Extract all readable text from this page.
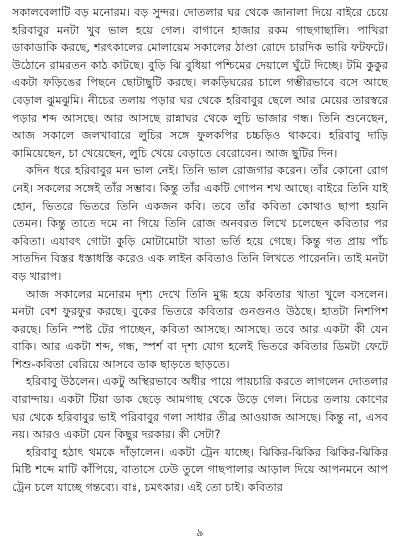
সকালবেলাটি বড় মনোরম। বড় সুন্দর। দোতলার ঘর থেকে জানালা দিয়ে বাইরে চেয়ে হরিবাবুর মনটা খুব ভাল হয়ে গেল। বাগানে হাজার রকম গাছগাছালি। পাখিরা ডাকাডাকি করছে, শরৎকালের মোলায়েম সকালের ঠাণ্ডা রোদে চারদিক ভারি ফটফটে। উঠোনে রামরতন কাঠ কাটছে। বুড়ি ঝি বুধিয়া পশ্চিমের দেয়ালে ঘুঁটে দিচ্ছে। টমি কুকুর একটা ফড়িঙের পিছনে ছোটাছুটি করছে। লকড়িঘরের চালে গম্ভীরভাবে বসে আছে বেড়াল ঝুমঝুমি। নীচের তলায় পড়ার ঘর থেকে হরিবাবুর ছেলে আর মেয়ের তারস্বরে পড়ার শব্দ আসছে। আর আসছে রান্নাঘর থেকে লুচি ভাজার গন্ধ। তিনি শুনেছেন, আজ সকালে জলখাবারে লুচির সঙ্গে ফুলকপির চচ্চড়িও থাকবে। হরিবাবু দাড়ি কামিয়েছেন, চা খেয়েছেন, লুচি খেয়ে বেড়াতে বেরোবেন। আজ ছুটির দিন।

কদিন ধরে হরিবাবুর মন ভাল নেই। তিনি ভাল রোজগার করেন। তাঁর কোনো রোগ নেই। সকলের সঙ্গেই তাঁর সম্ভাব। কিন্তু তাঁর একটি গোপন শখ আছে। বাইরে তিনি যাই হোন, ভিতরে ভিতরে তিনি একজন কবি। তবে তাঁর কবিতা কোথাও ছাপা হয়নি তেমন। কিন্তু তাতে দমে না গিয়ে তিনি রোজ অনবরত লিখে চলেছেন কবিতার পর কবিতা। এযাবৎ গোটা কুড়ি মোটামোটা খাতা ভর্তি হয়ে গেছে। কিন্তু গত প্রায় পাঁচ সাতদিন বিস্তর ধস্তাধস্তি করেও এক লাইন কবিতাও তিনি লিখতে পারেননি। তাই মনটা বড় খারাপ।

আজ সকালের মনোরম দৃশ্য দেখে তিনি মুগ্ধ হয়ে কবিতার খাতা খুলে বসলেন। মনটা বেশ ফুরফুর করছে। বুকের ভিতরে কবিতার গুনগুনও উঠছে। হাতটা নিশপিশ করছে। তিনি স্পষ্ট টের পাচ্ছেন, কবিতা আসছে। আসছে। তবে আর একটা কী যেন বাকি। আর একটা শব্দ, গন্ধ, স্পর্শ বা দৃশ্য যোগ হলেই ভিতরে কবিতার ডিমটা ফেটে শিশু-কবিতা বেরিয়ে আসবে ডাক ছাড়তে ছাড়তে।

হরিবাবু উঠলেন। একটু অস্থিরভাবে অধীর পায়ে পায়চারি করতে লাগলেন দোতলার বারান্দায়। একটা টিয়া ডাক ছেড়ে আমগাছ থেকে উড়ে গেল। নিচের তলায় কোণের ঘর থেকে হরিবাবুর ভাই পরিবাবুর গলা সাধার তীব্র আওয়াজ আসছে। কিন্তু না, এসব নয়। আরও একটা যেন কিছুর দরকার। কী সেটা?

হরিবাবু হঠাৎ থমকে দাঁড়ালেন। একটা ট্রেন যাচ্ছে। ঝিকির-ঝিকির ঝিকির-ঝিকির মিষ্টি শব্দে মাটি কাঁপিয়ে, বাতাসে ঢেউ তুলে গাছপালার আড়াল দিয়ে আপনমনে আপ ট্রেন চলে যাচ্ছে গন্তব্যে। বাঃ, চমৎকার। এই তো চাই। কবিতার

৯
